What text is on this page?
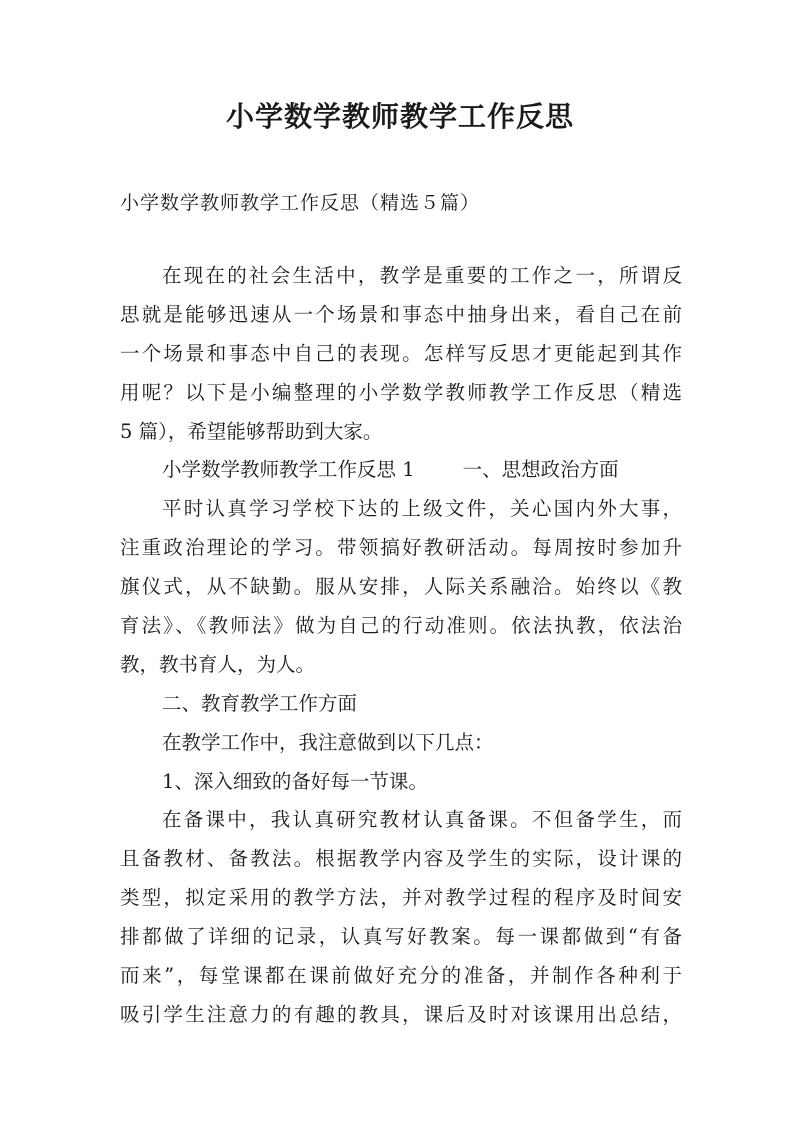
小学数学教师教学工作反思

小学数学教师教学工作反思（精选５篇）

在现在的社会生活中，教学是重要的工作之一，所谓反
思就是能够迅速从一个场景和事态中抽身出来，看自己在前
一个场景和事态中自己的表现。怎样写反思才更能起到其作
用呢？以下是小编整理的小学数学教师教学工作反思（精选
5 篇），希望能够帮助到大家。
小学数学教师教学工作反思 1 一、思想政治方面
平时认真学习学校下达的上级文件，关心国内外大事，
注重政治理论的学习。带领搞好教研活动。每周按时参加升
旗仪式，从不缺勤。服从安排，人际关系融洽。始终以《教
育法》、《教师法》做为自己的行动准则。依法执教，依法治
教，教书育人，为人。
二、教育教学工作方面
在教学工作中，我注意做到以下几点：
1、深入细致的备好每一节课。
在备课中，我认真研究教材认真备课。不但备学生，而
且备教材、备教法。根据教学内容及学生的实际，设计课的
类型，拟定采用的教学方法，并对教学过程的程序及时间安
排都做了详细的记录，认真写好教案。每一课都做到“有备
而来”，每堂课都在课前做好充分的准备，并制作各种利于
吸引学生注意力的有趣的教具，课后及时对该课用出总结，
